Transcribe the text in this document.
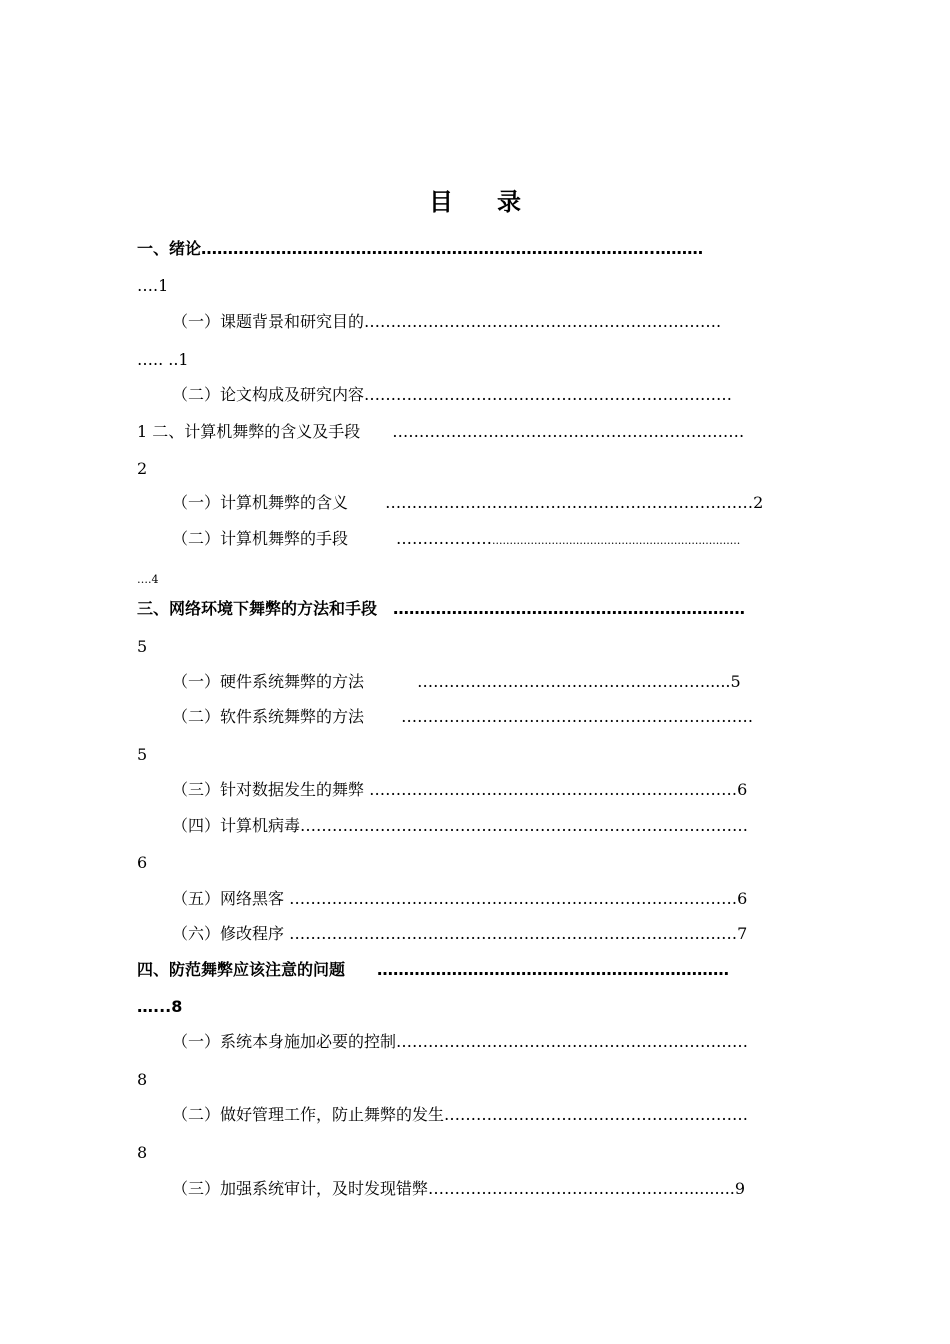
目 录
一、绪论………………………………………………………………………….………
….1
（一）课题背景和研究目的………………………………………………………….
….. ..1
（二）论文构成及研究内容……………………………………………………………
1 二、计算机舞弊的含义及手段　　…………………………………………………………
2
（一）计算机舞弊的含义　　 ……………………………………………………………2
（二）计算机舞弊的手段　　　……………….......................................................................
….4
三、网络环境下舞弊的方法和手段　…………………………………………………………
5
（一）硬件系统舞弊的方法　　　 ……………………………………………….....5
（二）软件系统舞弊的方法　　 …………………………………………………………
5
（三）针对数据发生的舞弊 ……………………………………………………………6
（四）计算机病毒…………………………………………………………………………
6
（五）网络黑客 …………………………………………………………………………6
（六）修改程序 …………………………………………………………………………7
四、防范舞弊应该注意的问题　　…………………………………………………………
…...8
（一）系统本身施加必要的控制…………………………………………………………
8
（二）做好管理工作，防止舞弊的发生…………………………………………………
8
（三）加强系统审计，及时发现错弊…………………………………………..........9
